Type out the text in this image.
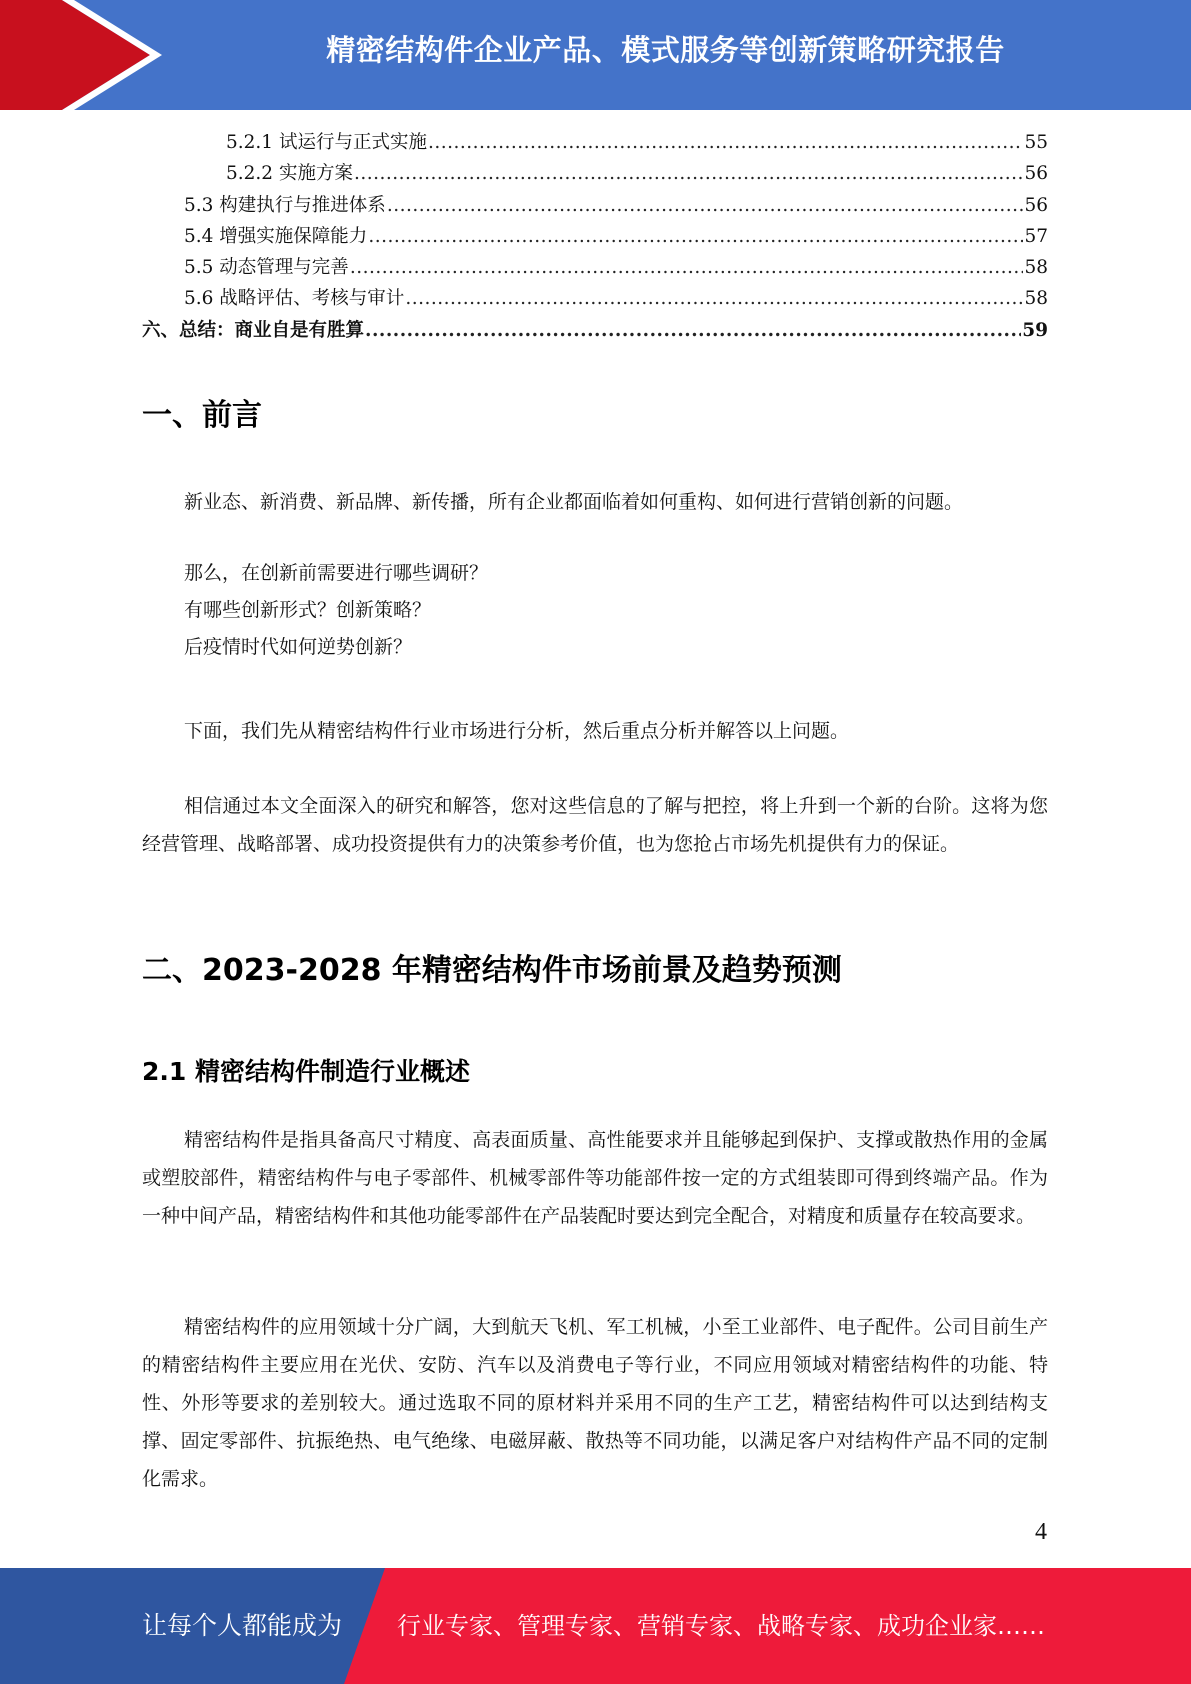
精密结构件企业产品、模式服务等创新策略研究报告
5.2.1 试运行与正式实施 .....	55
5.2.2 实施方案 .....	56
5.3 构建执行与推进体系 .....	56
5.4 增强实施保障能力 .....	57
5.5 动态管理与完善 .....	58
5.6 战略评估、考核与审计 .....	58
六、总结：商业自是有胜算 .....	59
一、前言

新业态、新消费、新品牌、新传播，所有企业都面临着如何重构、如何进行营销创新的问题。

那么，在创新前需要进行哪些调研？

有哪些创新形式？创新策略？

后疫情时代如何逆势创新？

下面，我们先从精密结构件行业市场进行分析，然后重点分析并解答以上问题。

相信通过本文全面深入的研究和解答，您对这些信息的了解与把控，将上升到一个新的台阶。这将为您经营管理、战略部署、成功投资提供有力的决策参考价值，也为您抢占市场先机提供有力的保证。

二、2023-2028 年精密结构件市场前景及趋势预测
2.1 精密结构件制造行业概述

精密结构件是指具备高尺寸精度、高表面质量、高性能要求并且能够起到保护、支撑或散热作用的金属或塑胶部件，精密结构件与电子零部件、机械零部件等功能部件按一定的方式组装即可得到终端产品。作为一种中间产品，精密结构件和其他功能零部件在产品装配时要达到完全配合，对精度和质量存在较高要求。

精密结构件的应用领域十分广阔，大到航天飞机、军工机械，小至工业部件、电子配件。公司目前生产的精密结构件主要应用在光伏、安防、汽车以及消费电子等行业，不同应用领域对精密结构件的功能、特性、外形等要求的差别较大。通过选取不同的原材料并采用不同的生产工艺，精密结构件可以达到结构支撑、固定零部件、抗振绝热、电气绝缘、电磁屏蔽、散热等不同功能，以满足客户对结构件产品不同的定制化需求。

4
让每个人都能成为 行业专家、管理专家、营销专家、战略专家、成功企业家……
